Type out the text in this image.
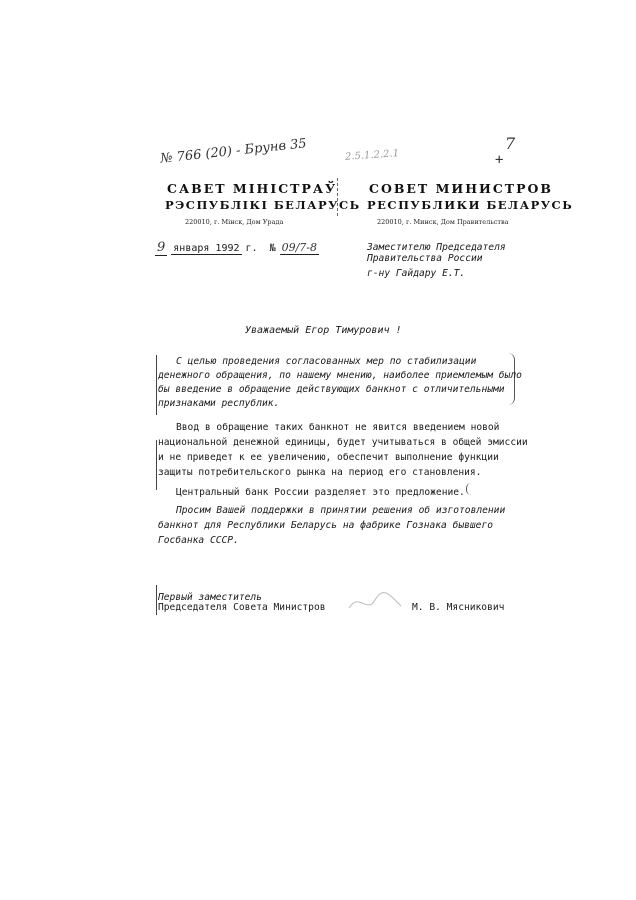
№ 766 (20) - Брунв 35	2.5.1.2.2.1
7
+
САВЕТ МІНІСТРАЎ
РЭСПУБЛІКІ БЕЛАРУСЬ
220010, г. Мінск, Дом Урада
СОВЕТ МИНИСТРОВ
РЕСПУБЛИКИ БЕЛАРУСЬ
220010, г. Минск, Дом Правительства
9 января 1992 г. № 09/7-8	Заместителю Председателя
Правительства России
г-ну Гайдару Е.Т.
Уважаемый Егор Тимурович !
С целью проведения согласованных мер по стабилизации
денежного обращения, по нашему мнению, наиболее приемлемым было
бы введение в обращение действующих банкнот с отличительными
признаками республик.
Ввод в обращение таких банкнот не явится введением новой
национальной денежной единицы, будет учитываться в общей эмиссии
и не приведет к ее увеличению, обеспечит выполнение функции
защиты потребительского рынка на период его становления.
Центральный банк России разделяет это предложение.
Просим Вашей поддержки в принятии решения об изготовлении
банкнот для Республики Беларусь на фабрике Гознака бывшего
Госбанка СССР.
Первый заместитель
Председателя Совета Министров	М. В. Мясникович
